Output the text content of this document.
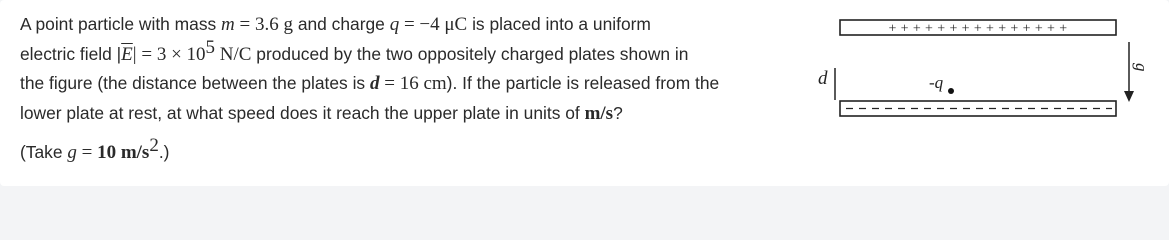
A point particle with mass m = 3.6 g and charge q = −4 μC is placed into a uniform
electric field $|\overline{E}| = 3 \times 10^5$ N/C produced by the two oppositely charged plates shown in
the figure (the distance between the plates is d = 16 cm). If the particle is released from the
lower plate at rest, at what speed does it reach the upper plate in units of m/s?
(Take g = 10 $m/s^2$.)
+ + + + + + + + + + + + + + +
− − − − − − − − − − − − − − −
d	-q
g
